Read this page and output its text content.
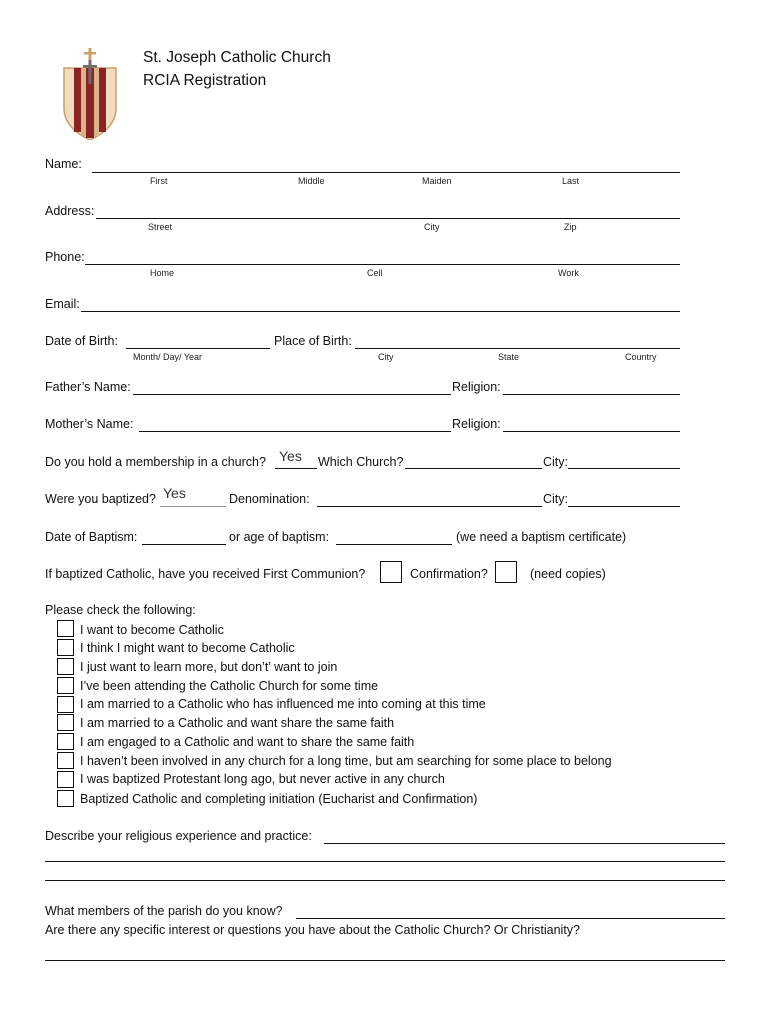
St. Joseph Catholic Church
RCIA Registration
Name:
First	Middle	Maiden	Last
Address:
Street	City	Zip
Phone:
Home	Cell	Work
Email:
Date of Birth:	Place of Birth:
Month/ Day/ Year	City	State	Country
Father’s Name:	Religion:
Mother’s Name:	Religion:
Do you hold a membership in a church? Yes Which Church?	City:
Were you baptized? Yes	Denomination:	City:
Date of Baptism:	or age of baptism:	(we need a baptism certificate)
If baptized Catholic, have you received First Communion?	Confirmation?	(need copies)
Please check the following:
I want to become Catholic
I think I might want to become Catholic
I just want to learn more, but don’t’ want to join
I’ve been attending the Catholic Church for some time
I am married to a Catholic who has influenced me into coming at this time
I am married to a Catholic and want share the same faith
I am engaged to a Catholic and want to share the same faith
I haven’t been involved in any church for a long time, but am searching for some place to belong
I was baptized Protestant long ago, but never active in any church
Baptized Catholic and completing initiation (Eucharist and Confirmation)
Describe your religious experience and practice:
What members of the parish do you know?
Are there any specific interest or questions you have about the Catholic Church? Or Christianity?
